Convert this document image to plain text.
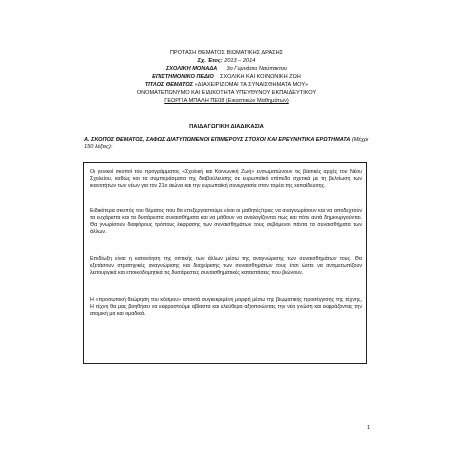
ΠΡΟΤΑΣΗ ΘΕΜΑΤΟΣ ΒΙΩΜΑΤΙΚΗΣ ΔΡΑΣΗΣ
Σχ. Έτος: 2013 – 2014
ΣΧΟΛΙΚΗ ΜΟΝΑΔΑ 3ο Γυμνάσιο Ναύπακτου
ΕΠΙΣΤΗΜΟΝΙΚΟ ΠΕΔΙΟ ΣΧΟΛΙΚΗ ΚΑΙ ΚΟΙΝΩΝΙΚΗ ΖΩΗ
ΤΙΤΛΟΣ ΘΕΜΑΤΟΣ «ΔΙΑΧΕΙΡΙΖΟΜΑΙ ΤΑ ΣΥΝΑΙΣΘΗΜΑΤΑ ΜΟΥ»
ΟΝΟΜΑΤΕΠΩΝΥΜΟ ΚΑΙ ΕΙΔΙΚΟΤΗΤΑ ΥΠΕΥΘΥΝΟΥ ΕΚΠΑΙΔΕΥΤΙΚΟΥ
ΓΕΩΡΓΙΑ ΜΠΑΛΗ ΠΕ08 (Εικαστικών Μαθημάτων)
ΠΑΙΔΑΓΩΓΙΚΗ ΔΙΑΔΙΚΑΣΙΑ
Α. ΣΚΟΠΟΣ ΘΕΜΑΤΟΣ, ΣΑΦΩΣ ΔΙΑΤΥΠΩΜΕΝΟΙ ΕΠΙΜΕΡΟΥΣ ΣΤΟΧΟΙ ΚΑΙ ΕΡΕΥΝΗΤΙΚΑ ΕΡΩΤΗΜΑΤΑ (Μέχρι 150 λέξεις):

Οι γενικοί σκοποί του προγράμματος «Σχολική και Κοινωνική Ζωή» ενσωματώνουν τις βασικές αρχές του Νέου Σχολείου, καθώς και τα συμπεράσματα της διαβούλευσης σε ευρωπαϊκό επίπεδο σχετικά με τη βελτίωση των ικανοτήτων των νέων για τον 21ο αιώνα και την ευρωπαϊκή συνεργασία στον τομέα της εκπαίδευσης.

Ειδικότερα σκοπός του θέματος που θα επεξεργαστούμε είναι οι μαθητές/τριες να αναγνωρίσουν και να αποδεχτούν τα ευχάριστα και τα δυσάρεστα συναισθήματα και να μάθουν να αναλογίζονται πως και πότε αυτά δημιουργούνται. Θα γνωρίσουν διαφόρους τρόπους έκφρασης των συναισθημάτων τους σεβόμενοι πάντα τα συναισθήματα των άλλων.

Επιδίωξη είναι η κατανόηση της οπτικής των άλλων μέσω της αναγνώρισης των συναισθημάτων τους. Θα εξετάσουν στρατηγικές αναγνώρισης και διαχείρισης των συναισθημάτων τους έτσι ώστε να αντιμετωπίζουν λειτουργικά και εποικοδομητικά τις δυσάρεστες συναισθηματικές καταστάσεις που βιώνουν.

Η «προσωπική θεώρηση του κόσμου» αποκτά συγκεκριμένη μορφή μέσω της βιωματικής προσέγγισης της τέχνης. Η τέχνη θα μας βοηθήσει να εκφραστούμε αβίαστα και ελεύθερα αξιοποιώντας την νέα γνώση και εκφράζοντας την ατομική μα και ομαδικά.

1
